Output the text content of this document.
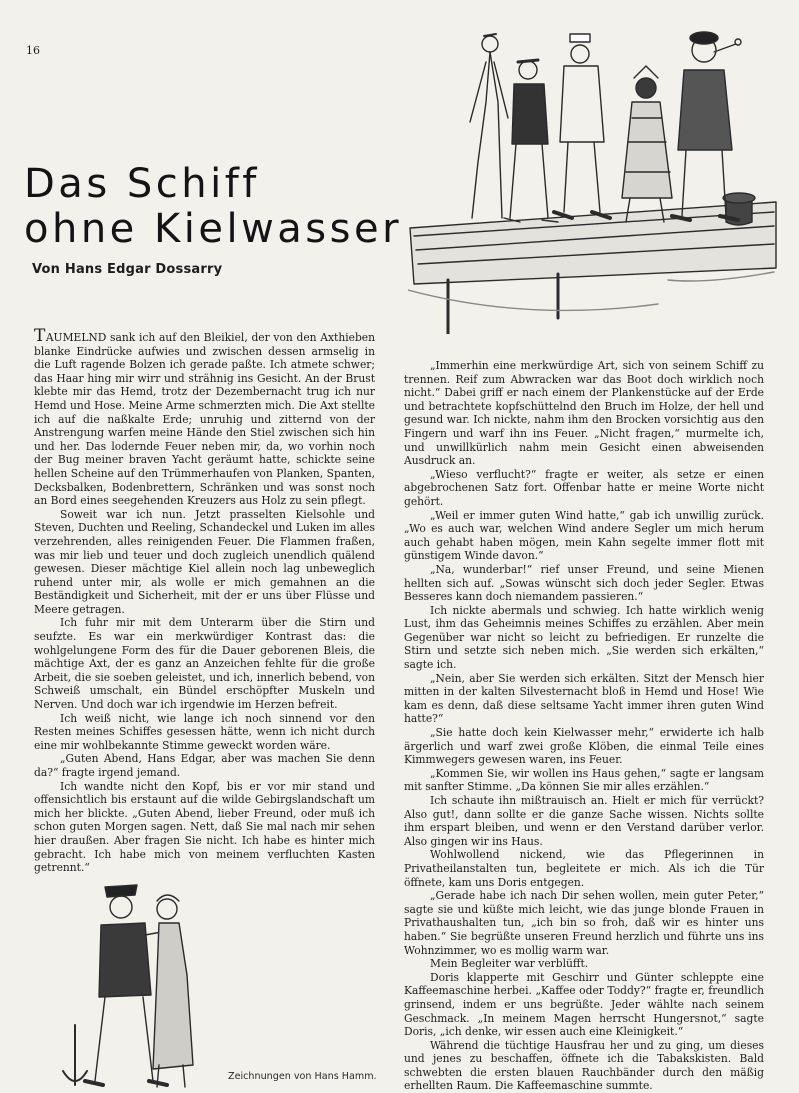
16
Das Schiff
ohne Kielwasser

Von Hans Edgar Dossarry

TAUMELND sank ich auf den Bleikiel, der von den Axthieben blanke Eindrücke aufwies und zwischen dessen armselig in die Luft ragende Bolzen ich gerade paßte. Ich atmete schwer; das Haar hing mir wirr und strähnig ins Gesicht. An der Brust klebte mir das Hemd, trotz der Dezembernacht trug ich nur Hemd und Hose. Meine Arme schmerzten mich. Die Axt stellte ich auf die naßkalte Erde; unruhig und zitternd von der Anstrengung warfen meine Hände den Stiel zwischen sich hin und her. Das lodernde Feuer neben mir, da, wo vorhin noch der Bug meiner braven Yacht geräumt hatte, schickte seine hellen Scheine auf den Trümmerhaufen von Planken, Spanten, Decksbalken, Bodenbrettern, Schränken und was sonst noch an Bord eines seegehenden Kreuzers aus Holz zu sein pflegt.

Soweit war ich nun. Jetzt prasselten Kielsohle und Steven, Duchten und Reeling, Schandeckel und Luken im alles verzehrenden, alles reinigenden Feuer. Die Flammen fraßen, was mir lieb und teuer und doch zugleich unendlich quälend gewesen. Dieser mächtige Kiel allein noch lag unbeweglich ruhend unter mir, als wolle er mich gemahnen an die Beständigkeit und Sicherheit, mit der er uns über Flüsse und Meere getragen.

Ich fuhr mir mit dem Unterarm über die Stirn und seufzte. Es war ein merkwürdiger Kontrast das: die wohlgelungene Form des für die Dauer geborenen Bleis, die mächtige Axt, der es ganz an Anzeichen fehlte für die große Arbeit, die sie soeben geleistet, und ich, innerlich bebend, von Schweiß umschalt, ein Bündel erschöpfter Muskeln und Nerven. Und doch war ich irgendwie im Herzen befreit.

Ich weiß nicht, wie lange ich noch sinnend vor den Resten meines Schiffes gesessen hätte, wenn ich nicht durch eine mir wohlbekannte Stimme geweckt worden wäre.

„Guten Abend, Hans Edgar, aber was machen Sie denn da?“ fragte irgend jemand.

Ich wandte nicht den Kopf, bis er vor mir stand und offensichtlich bis erstaunt auf die wilde Gebirgslandschaft um mich her blickte. „Guten Abend, lieber Freund, oder muß ich schon guten Morgen sagen. Nett, daß Sie mal nach mir sehen hier draußen. Aber fragen Sie nicht. Ich habe es hinter mich gebracht. Ich habe mich von meinem verfluchten Kasten getrennt.“

„Immerhin eine merkwürdige Art, sich von seinem Schiff zu trennen. Reif zum Abwracken war das Boot doch wirklich noch nicht.“ Dabei griff er nach einem der Plankenstücke auf der Erde und betrachtete kopfschüttelnd den Bruch im Holze, der hell und gesund war. Ich nickte, nahm ihm den Brocken vorsichtig aus den Fingern und warf ihn ins Feuer. „Nicht fragen,“ murmelte ich, und unwillkürlich nahm mein Gesicht einen abweisenden Ausdruck an.

„Wieso verflucht?“ fragte er weiter, als setze er einen abgebrochenen Satz fort. Offenbar hatte er meine Worte nicht gehört.

„Weil er immer guten Wind hatte,“ gab ich unwillig zurück. „Wo es auch war, welchen Wind andere Segler um mich herum auch gehabt haben mögen, mein Kahn segelte immer flott mit günstigem Winde davon.“

„Na, wunderbar!“ rief unser Freund, und seine Mienen hellten sich auf. „Sowas wünscht sich doch jeder Segler. Etwas Besseres kann doch niemandem passieren.“

Ich nickte abermals und schwieg. Ich hatte wirklich wenig Lust, ihm das Geheimnis meines Schiffes zu erzählen. Aber mein Gegenüber war nicht so leicht zu befriedigen. Er runzelte die Stirn und setzte sich neben mich. „Sie werden sich erkälten,“ sagte ich.

„Nein, aber Sie werden sich erkälten. Sitzt der Mensch hier mitten in der kalten Silvesternacht bloß in Hemd und Hose! Wie kam es denn, daß diese seltsame Yacht immer ihren guten Wind hatte?“

„Sie hatte doch kein Kielwasser mehr,“ erwiderte ich halb ärgerlich und warf zwei große Klöben, die einmal Teile eines Kimmwegers gewesen waren, ins Feuer.

„Kommen Sie, wir wollen ins Haus gehen,“ sagte er langsam mit sanfter Stimme. „Da können Sie mir alles erzählen.“

Ich schaute ihn mißtrauisch an. Hielt er mich für verrückt? Also gut!, dann sollte er die ganze Sache wissen. Nichts sollte ihm erspart bleiben, und wenn er den Verstand darüber verlor. Also gingen wir ins Haus.

Wohlwollend nickend, wie das Pflegerinnen in Privatheilanstalten tun, begleitete er mich. Als ich die Tür öffnete, kam uns Doris entgegen.

„Gerade habe ich nach Dir sehen wollen, mein guter Peter,“ sagte sie und küßte mich leicht, wie das junge blonde Frauen in Privathaushalten tun, „ich bin so froh, daß wir es hinter uns haben.“ Sie begrüßte unseren Freund herzlich und führte uns ins Wohnzimmer, wo es mollig warm war.

Mein Begleiter war verblüfft.

Doris klapperte mit Geschirr und Günter schleppte eine Kaffeemaschine herbei. „Kaffee oder Toddy?“ fragte er, freundlich grinsend, indem er uns begrüßte. Jeder wählte nach seinem Geschmack. „In meinem Magen herrscht Hungersnot,“ sagte Doris, „ich denke, wir essen auch eine Kleinigkeit.“

Während die tüchtige Hausfrau her und zu ging, um dieses und jenes zu beschaffen, öffnete ich die Tabakskisten. Bald schwebten die ersten blauen Rauchbänder durch den mäßig erhellten Raum. Die Kaffeemaschine summte.

Zeichnungen von Hans Hamm.
